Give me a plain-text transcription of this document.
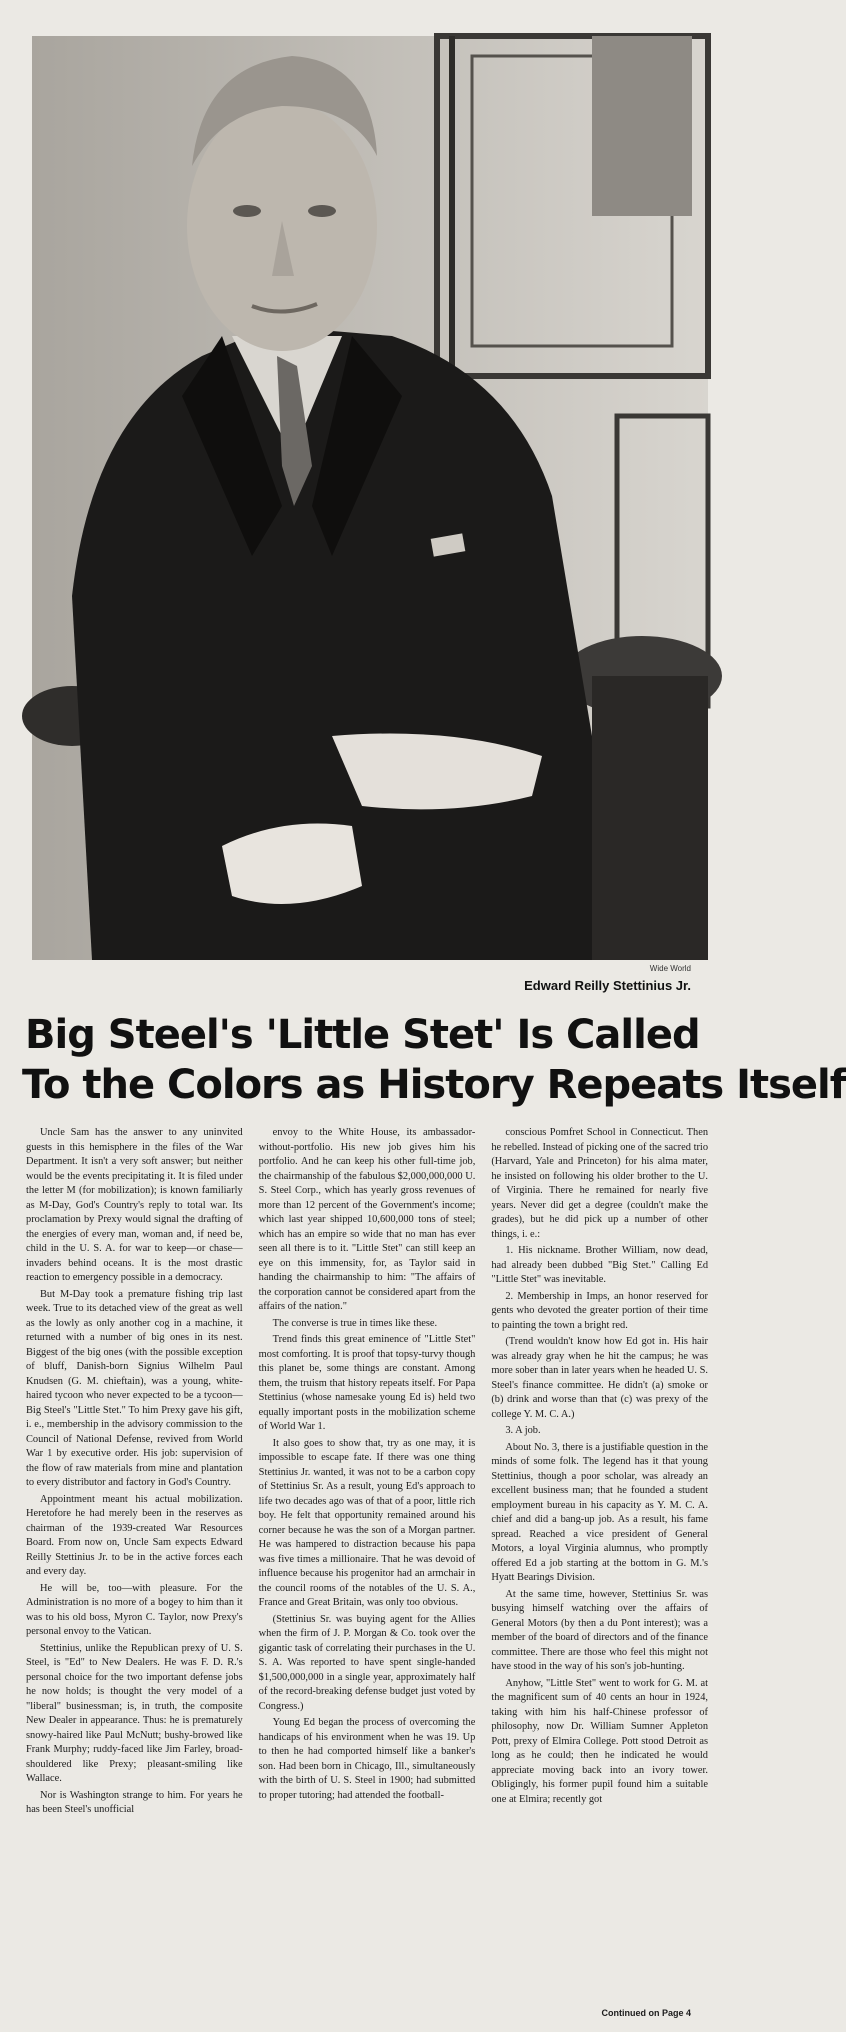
Wide World
Edward Reilly Stettinius Jr.
Big Steel's 'Little Stet' Is Called
To the Colors as History Repeats Itself

Uncle Sam has the answer to any uninvited guests in this hemisphere in the files of the War Department. It isn't a very soft answer; but neither would be the events precipitating it. It is filed under the letter M (for mobilization); is known familiarly as M-Day, God's Country's reply to total war. Its proclamation by Prexy would signal the drafting of the energies of every man, woman and, if need be, child in the U. S. A. for war to keep—or chase—invaders behind oceans. It is the most drastic reaction to emergency possible in a democracy.

But M-Day took a premature fishing trip last week. True to its detached view of the great as well as the lowly as only another cog in a machine, it returned with a number of big ones in its nest. Biggest of the big ones (with the possible exception of bluff, Danish-born Signius Wilhelm Paul Knudsen (G. M. chieftain), was a young, white-haired tycoon who never expected to be a tycoon—Big Steel's "Little Stet." To him Prexy gave his gift, i. e., membership in the advisory commission to the Council of National Defense, revived from World War 1 by executive order. His job: supervision of the flow of raw materials from mine and plantation to every distributor and factory in God's Country.

Appointment meant his actual mobilization. Heretofore he had merely been in the reserves as chairman of the 1939-created War Resources Board. From now on, Uncle Sam expects Edward Reilly Stettinius Jr. to be in the active forces each and every day.

He will be, too—with pleasure. For the Administration is no more of a bogey to him than it was to his old boss, Myron C. Taylor, now Prexy's personal envoy to the Vatican.

Stettinius, unlike the Republican prexy of U. S. Steel, is "Ed" to New Dealers. He was F. D. R.'s personal choice for the two important defense jobs he now holds; is thought the very model of a "liberal" businessman; is, in truth, the composite New Dealer in appearance. Thus: he is prematurely snowy-haired like Paul McNutt; bushy-browed like Frank Murphy; ruddy-faced like Jim Farley, broad-shouldered like Prexy; pleasant-smiling like Wallace.

Nor is Washington strange to him. For years he has been Steel's unofficial

envoy to the White House, its ambassador-without-portfolio. His new job gives him his portfolio. And he can keep his other full-time job, the chairmanship of the fabulous $2,000,000,000 U. S. Steel Corp., which has yearly gross revenues of more than 12 percent of the Government's income; which last year shipped 10,600,000 tons of steel; which has an empire so wide that no man has ever seen all there is to it. "Little Stet" can still keep an eye on this immensity, for, as Taylor said in handing the chairmanship to him: "The affairs of the corporation cannot be considered apart from the affairs of the nation."

The converse is true in times like these.

Trend finds this great eminence of "Little Stet" most comforting. It is proof that topsy-turvy though this planet be, some things are constant. Among them, the truism that history repeats itself. For Papa Stettinius (whose namesake young Ed is) held two equally important posts in the mobilization scheme of World War 1.

It also goes to show that, try as one may, it is impossible to escape fate. If there was one thing Stettinius Jr. wanted, it was not to be a carbon copy of Stettinius Sr. As a result, young Ed's approach to life two decades ago was of that of a poor, little rich boy. He felt that opportunity remained around his corner because he was the son of a Morgan partner. He was hampered to distraction because his papa was five times a millionaire. That he was devoid of influence because his progenitor had an armchair in the council rooms of the notables of the U. S. A., France and Great Britain, was only too obvious.

(Stettinius Sr. was buying agent for the Allies when the firm of J. P. Morgan & Co. took over the gigantic task of correlating their purchases in the U. S. A. Was reported to have spent single-handed $1,500,000,000 in a single year, approximately half of the record-breaking defense budget just voted by Congress.)

Young Ed began the process of overcoming the handicaps of his environment when he was 19. Up to then he had comported himself like a banker's son. Had been born in Chicago, Ill., simultaneously with the birth of U. S. Steel in 1900; had submitted to proper tutoring; had attended the football-

conscious Pomfret School in Connecticut. Then he rebelled. Instead of picking one of the sacred trio (Harvard, Yale and Princeton) for his alma mater, he insisted on following his older brother to the U. of Virginia. There he remained for nearly five years. Never did get a degree (couldn't make the grades), but he did pick up a number of other things, i. e.:

1. His nickname. Brother William, now dead, had already been dubbed "Big Stet." Calling Ed "Little Stet" was inevitable.

2. Membership in Imps, an honor reserved for gents who devoted the greater portion of their time to painting the town a bright red.

(Trend wouldn't know how Ed got in. His hair was already gray when he hit the campus; he was more sober than in later years when he headed U. S. Steel's finance committee. He didn't (a) smoke or (b) drink and worse than that (c) was prexy of the college Y. M. C. A.)

3. A job.

About No. 3, there is a justifiable question in the minds of some folk. The legend has it that young Stettinius, though a poor scholar, was already an excellent business man; that he founded a student employment bureau in his capacity as Y. M. C. A. chief and did a bang-up job. As a result, his fame spread. Reached a vice president of General Motors, a loyal Virginia alumnus, who promptly offered Ed a job starting at the bottom in G. M.'s Hyatt Bearings Division.

At the same time, however, Stettinius Sr. was busying himself watching over the affairs of General Motors (by then a du Pont interest); was a member of the board of directors and of the finance committee. There are those who feel this might not have stood in the way of his son's job-hunting.

Anyhow, "Little Stet" went to work for G. M. at the magnificent sum of 40 cents an hour in 1924, taking with him his half-Chinese professor of philosophy, now Dr. William Sumner Appleton Pott, prexy of Elmira College. Pott stood Detroit as long as he could; then he indicated he would appreciate moving back into an ivory tower. Obligingly, his former pupil found him a suitable one at Elmira; recently got

Continued on Page 4
